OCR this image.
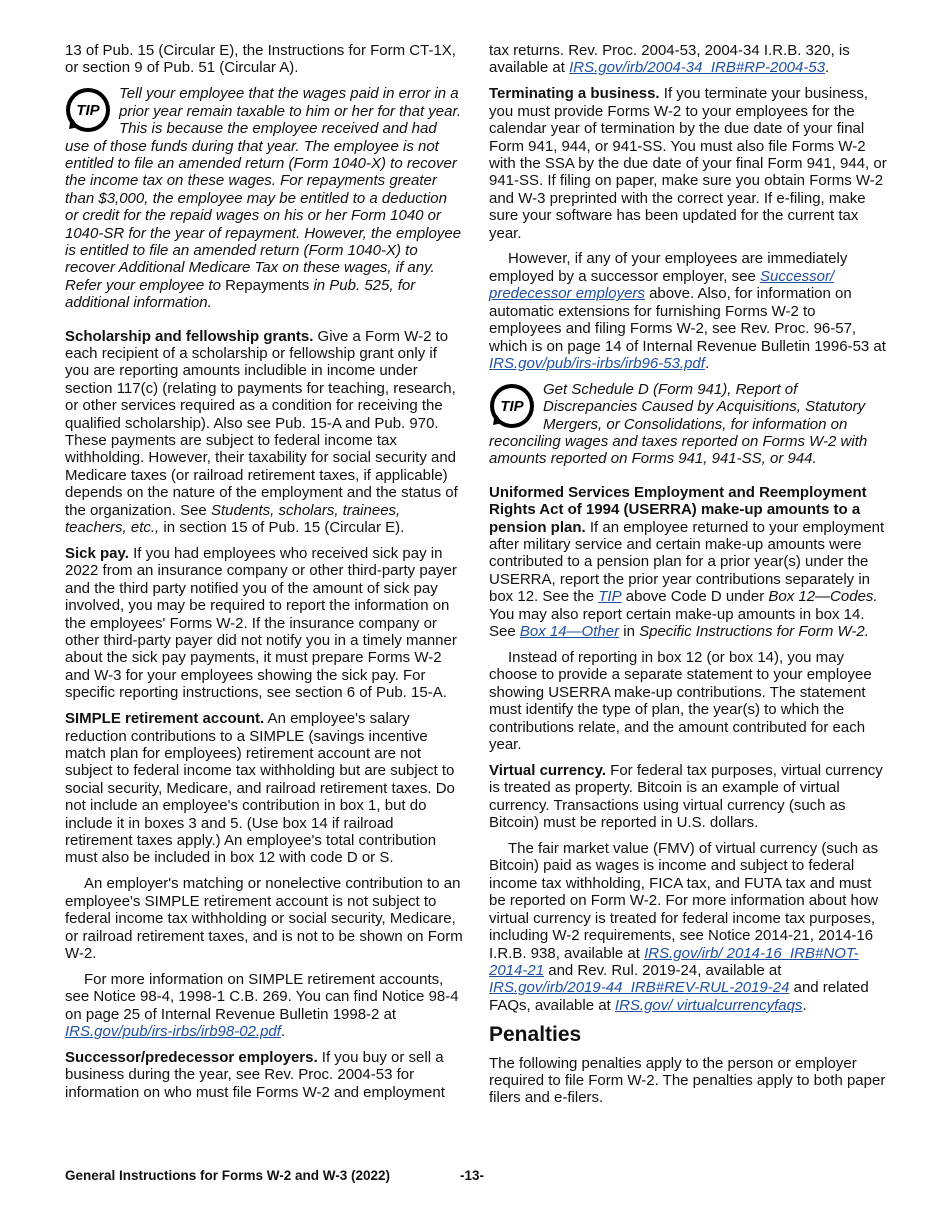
13 of Pub. 15 (Circular E), the Instructions for Form CT-1X, or section 9 of Pub. 51 (Circular A).

TIP
Tell your employee that the wages paid in error in a prior year remain taxable to him or her for that year. This is because the employee received and had use of those funds during that year. The employee is not entitled to file an amended return (Form 1040-X) to recover the income tax on these wages. For repayments greater than $3,000, the employee may be entitled to a deduction or credit for the repaid wages on his or her Form 1040 or 1040-SR for the year of repayment. However, the employee is entitled to file an amended return (Form 1040-X) to recover Additional Medicare Tax on these wages, if any. Refer your employee to Repayments in Pub. 525, for additional information.

Scholarship and fellowship grants. Give a Form W-2 to each recipient of a scholarship or fellowship grant only if you are reporting amounts includible in income under section 117(c) (relating to payments for teaching, research, or other services required as a condition for receiving the qualified scholarship). Also see Pub. 15-A and Pub. 970. These payments are subject to federal income tax withholding. However, their taxability for social security and Medicare taxes (or railroad retirement taxes, if applicable) depends on the nature of the employment and the status of the organization. See Students, scholars, trainees, teachers, etc., in section 15 of Pub. 15 (Circular E).

Sick pay. If you had employees who received sick pay in 2022 from an insurance company or other third-party payer and the third party notified you of the amount of sick pay involved, you may be required to report the information on the employees' Forms W-2. If the insurance company or other third-party payer did not notify you in a timely manner about the sick pay payments, it must prepare Forms W-2 and W-3 for your employees showing the sick pay. For specific reporting instructions, see section 6 of Pub. 15-A.

SIMPLE retirement account. An employee's salary reduction contributions to a SIMPLE (savings incentive match plan for employees) retirement account are not subject to federal income tax withholding but are subject to social security, Medicare, and railroad retirement taxes. Do not include an employee's contribution in box 1, but do include it in boxes 3 and 5. (Use box 14 if railroad retirement taxes apply.) An employee's total contribution must also be included in box 12 with code D or S.

An employer's matching or nonelective contribution to an employee's SIMPLE retirement account is not subject to federal income tax withholding or social security, Medicare, or railroad retirement taxes, and is not to be shown on Form W-2.

For more information on SIMPLE retirement accounts, see Notice 98-4, 1998-1 C.B. 269. You can find Notice 98-4 on page 25 of Internal Revenue Bulletin 1998-2 at IRS.gov/pub/irs-irbs/irb98-02.pdf.

Successor/predecessor employers. If you buy or sell a business during the year, see Rev. Proc. 2004-53 for information on who must file Forms W-2 and employment

tax returns. Rev. Proc. 2004-53, 2004-34 I.R.B. 320, is available at IRS.gov/irb/2004-34_IRB#RP-2004-53.

Terminating a business. If you terminate your business, you must provide Forms W-2 to your employees for the calendar year of termination by the due date of your final Form 941, 944, or 941-SS. You must also file Forms W-2 with the SSA by the due date of your final Form 941, 944, or 941-SS. If filing on paper, make sure you obtain Forms W-2 and W-3 preprinted with the correct year. If e-filing, make sure your software has been updated for the current tax year.

However, if any of your employees are immediately employed by a successor employer, see Successor/ predecessor employers above. Also, for information on automatic extensions for furnishing Forms W-2 to employees and filing Forms W-2, see Rev. Proc. 96-57, which is on page 14 of Internal Revenue Bulletin 1996-53 at IRS.gov/pub/irs-irbs/irb96-53.pdf.

TIP
Get Schedule D (Form 941), Report of Discrepancies Caused by Acquisitions, Statutory Mergers, or Consolidations, for information on reconciling wages and taxes reported on Forms W-2 with amounts reported on Forms 941, 941-SS, or 944.

Uniformed Services Employment and Reemployment Rights Act of 1994 (USERRA) make-up amounts to a pension plan. If an employee returned to your employment after military service and certain make-up amounts were contributed to a pension plan for a prior year(s) under the USERRA, report the prior year contributions separately in box 12. See the TIP above Code D under Box 12—Codes. You may also report certain make-up amounts in box 14. See Box 14—Other in Specific Instructions for Form W-2.

Instead of reporting in box 12 (or box 14), you may choose to provide a separate statement to your employee showing USERRA make-up contributions. The statement must identify the type of plan, the year(s) to which the contributions relate, and the amount contributed for each year.

Virtual currency. For federal tax purposes, virtual currency is treated as property. Bitcoin is an example of virtual currency. Transactions using virtual currency (such as Bitcoin) must be reported in U.S. dollars.

The fair market value (FMV) of virtual currency (such as Bitcoin) paid as wages is income and subject to federal income tax withholding, FICA tax, and FUTA tax and must be reported on Form W-2. For more information about how virtual currency is treated for federal income tax purposes, including W-2 requirements, see Notice 2014-21, 2014-16 I.R.B. 938, available at IRS.gov/irb/ 2014-16_IRB#NOT-2014-21 and Rev. Rul. 2019-24, available at IRS.gov/irb/2019-44_IRB#REV-RUL-2019-24 and related FAQs, available at IRS.gov/ virtualcurrencyfaqs.

Penalties

The following penalties apply to the person or employer required to file Form W-2. The penalties apply to both paper filers and e-filers.

General Instructions for Forms W-2 and W-3 (2022)	-13-
